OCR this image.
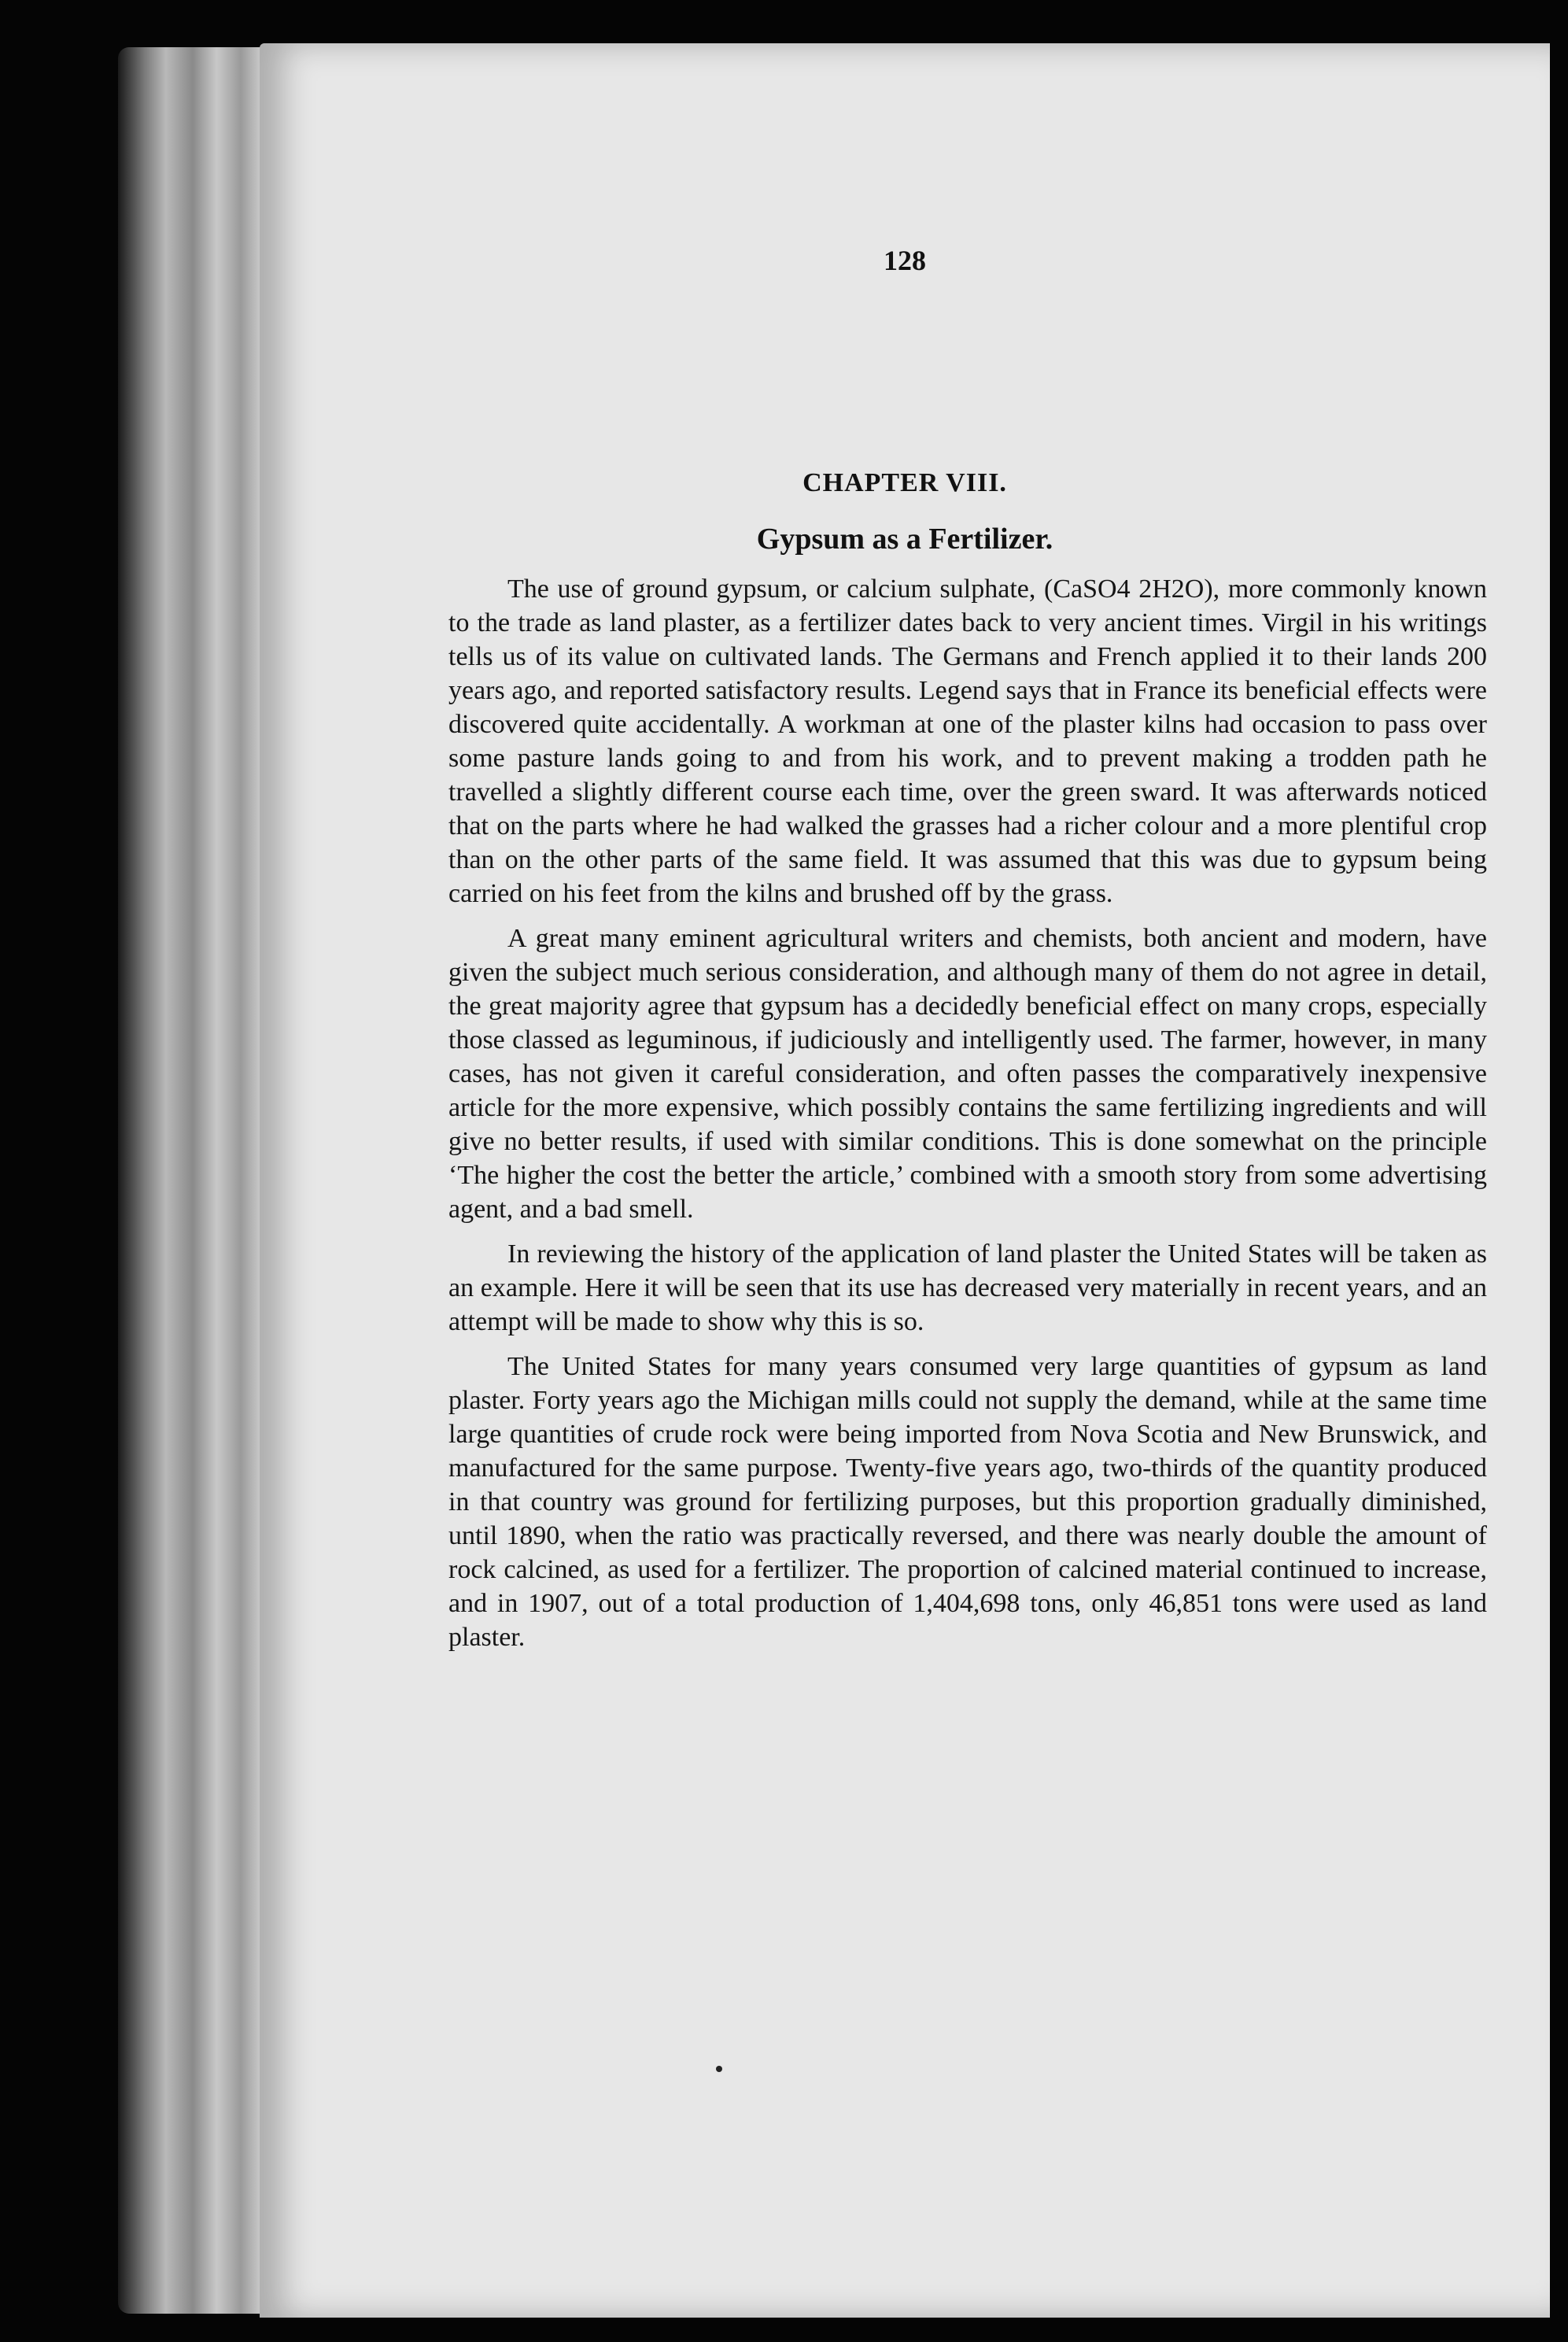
128
CHAPTER VIII.
Gypsum as a Fertilizer.

The use of ground gypsum, or calcium sulphate, (CaSO4 2H2O), more commonly known to the trade as land plaster, as a fertilizer dates back to very ancient times. Virgil in his writings tells us of its value on cultivated lands. The Germans and French applied it to their lands 200 years ago, and reported satisfactory results. Legend says that in France its beneficial effects were discovered quite accidentally. A workman at one of the plaster kilns had occasion to pass over some pasture lands going to and from his work, and to prevent making a trodden path he travelled a slightly different course each time, over the green sward. It was afterwards noticed that on the parts where he had walked the grasses had a richer colour and a more plentiful crop than on the other parts of the same field. It was assumed that this was due to gypsum being carried on his feet from the kilns and brushed off by the grass.

A great many eminent agricultural writers and chemists, both ancient and modern, have given the subject much serious consideration, and although many of them do not agree in detail, the great majority agree that gypsum has a decidedly beneficial effect on many crops, especially those classed as leguminous, if judiciously and intelligently used. The farmer, however, in many cases, has not given it careful consideration, and often passes the comparatively inexpensive article for the more expensive, which possibly contains the same fertilizing ingredients and will give no better results, if used with similar conditions. This is done somewhat on the principle ‘The higher the cost the better the article,’ combined with a smooth story from some advertising agent, and a bad smell.

In reviewing the history of the application of land plaster the United States will be taken as an example. Here it will be seen that its use has decreased very materially in recent years, and an attempt will be made to show why this is so.

The United States for many years consumed very large quantities of gypsum as land plaster. Forty years ago the Michigan mills could not supply the demand, while at the same time large quantities of crude rock were being imported from Nova Scotia and New Brunswick, and manufactured for the same purpose. Twenty-five years ago, two-thirds of the quantity produced in that country was ground for fertilizing purposes, but this proportion gradually diminished, until 1890, when the ratio was practically reversed, and there was nearly double the amount of rock calcined, as used for a fertilizer. The proportion of calcined material continued to increase, and in 1907, out of a total production of 1,404,698 tons, only 46,851 tons were used as land plaster.
